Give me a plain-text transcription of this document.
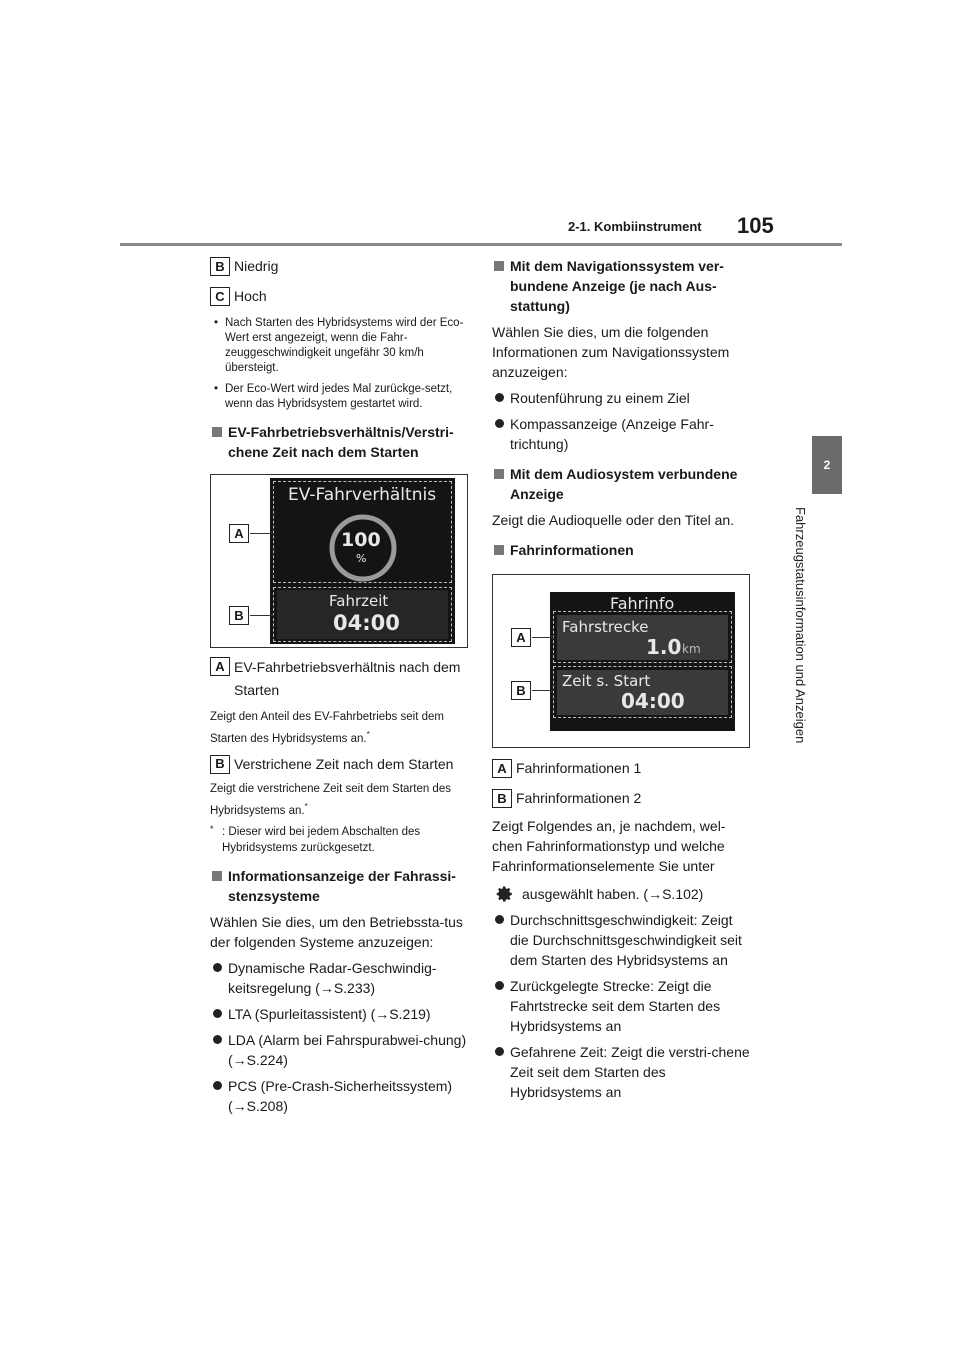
2-1. Kombiinstrument 105
2
Fahrzeugstatusinformation und Anzeigen
B Niedrig
C Hoch
• Nach Starten des Hybridsystems wird der Eco-Wert erst angezeigt, wenn die Fahr-zeuggeschwindigkeit ungefähr 30 km/h übersteigt.
• Der Eco-Wert wird jedes Mal zurückge-setzt, wenn das Hybridsystem gestartet wird.
EV-Fahrbetriebsverhältnis/Verstri-chene Zeit nach dem Starten
EV-Fahrverhältnis
100
%
Fahrzeit
04:00
A
B
A EV-Fahrbetriebsverhältnis nach dem Starten
Zeigt den Anteil des EV-Fahrbetriebs seit dem Starten des Hybridsystems an.*
B Verstrichene Zeit nach dem Starten
Zeigt die verstrichene Zeit seit dem Starten des Hybridsystems an.*
* : Dieser wird bei jedem Abschalten des Hybridsystems zurückgesetzt.
Informationsanzeige der Fahrassi-stenzsysteme
Wählen Sie dies, um den Betriebssta-tus der folgenden Systeme anzuzeigen:
Dynamische Radar-Geschwindig-keitsregelung (→S.233)
LTA (Spurleitassistent) (→S.219)
LDA (Alarm bei Fahrspurabwei-chung) (→S.224)
PCS (Pre-Crash-Sicherheitssystem) (→S.208)
Mit dem Navigationssystem ver-bundene Anzeige (je nach Aus-stattung)
Wählen Sie dies, um die folgenden Informationen zum Navigationssystem anzuzeigen:
Routenführung zu einem Ziel
Kompassanzeige (Anzeige Fahr-trichtung)
Mit dem Audiosystem verbundene Anzeige
Zeigt die Audioquelle oder den Titel an.
Fahrinformationen
Fahrinfo
Fahrstrecke
1.0 km
Zeit s. Start
04:00
A
B
A Fahrinformationen 1
B Fahrinformationen 2
Zeigt Folgendes an, je nachdem, wel-chen Fahrinformationstyp und welche Fahrinformationselemente Sie unter
ausgewählt haben. (→S.102)
Durchschnittsgeschwindigkeit: Zeigt die Durchschnittsgeschwindigkeit seit dem Starten des Hybridsystems an
Zurückgelegte Strecke: Zeigt die Fahrtstrecke seit dem Starten des Hybridsystems an
Gefahrene Zeit: Zeigt die verstri-chene Zeit seit dem Starten des Hybridsystems an
